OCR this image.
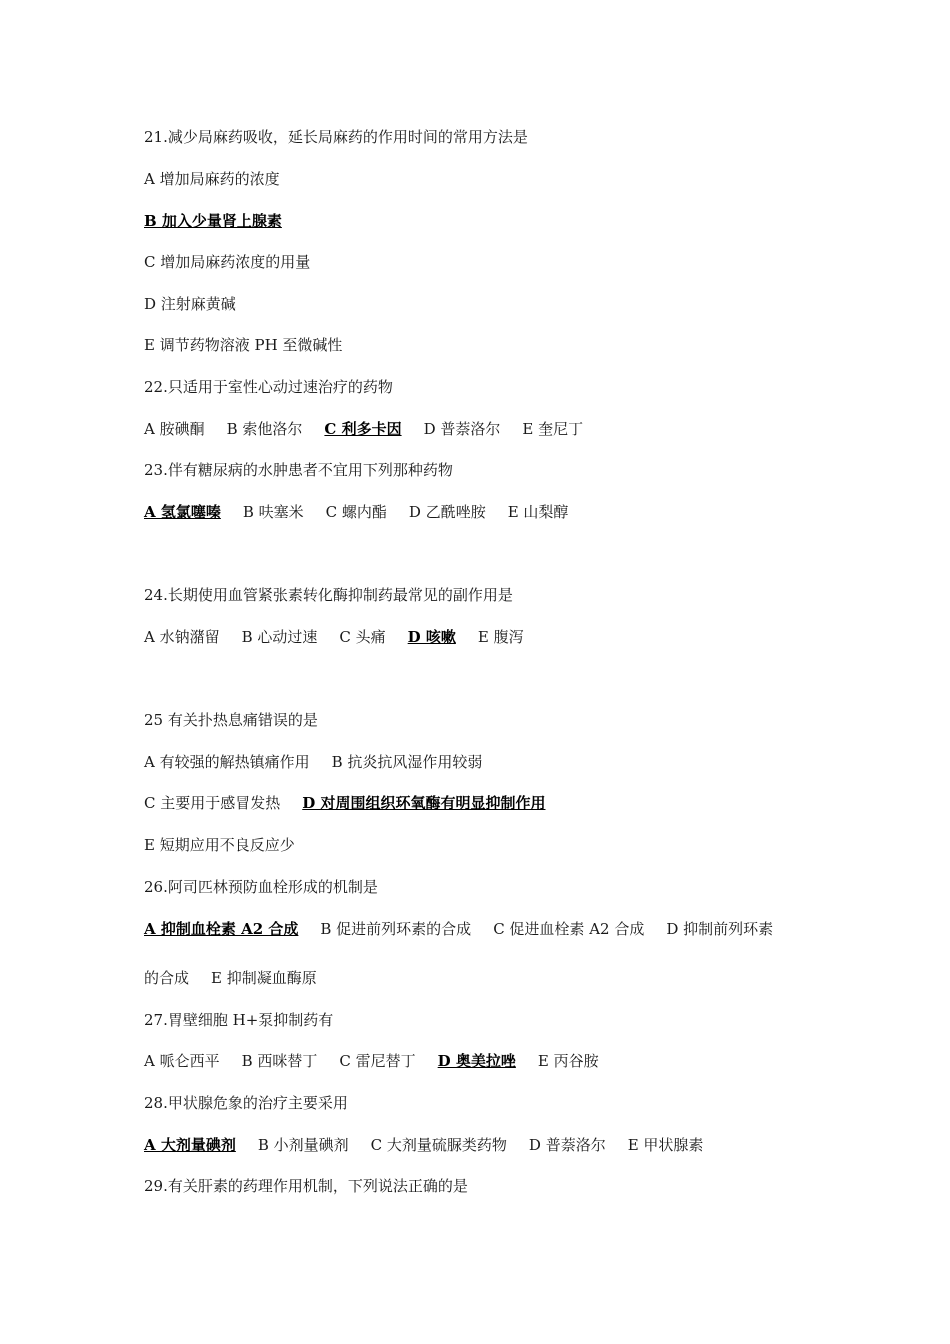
21.减少局麻药吸收，延长局麻药的作用时间的常用方法是
A 增加局麻药的浓度
B 加入少量肾上腺素
C 增加局麻药浓度的用量
D 注射麻黄碱
E 调节药物溶液 PH 至微碱性
22.只适用于室性心动过速治疗的药物
A 胺碘酮 B 索他洛尔 C 利多卡因 D 普萘洛尔 E 奎尼丁
23.伴有糖尿病的水肿患者不宜用下列那种药物
A 氢氯噻嗪 B 呋塞米 C 螺内酯 D 乙酰唑胺 E 山梨醇
24.长期使用血管紧张素转化酶抑制药最常见的副作用是
A 水钠潴留 B 心动过速 C 头痛 D 咳嗽 E 腹泻
25 有关扑热息痛错误的是
A 有较强的解热镇痛作用 B 抗炎抗风湿作用较弱
C 主要用于感冒发热 D 对周围组织环氧酶有明显抑制作用
E 短期应用不良反应少
26.阿司匹林预防血栓形成的机制是
A 抑制血栓素 A2 合成 B 促进前列环素的合成 C 促进血栓素 A2 合成 D 抑制前列环素
的合成 E 抑制凝血酶原
27.胃壁细胞 H+泵抑制药有
A 哌仑西平 B 西咪替丁 C 雷尼替丁 D 奥美拉唑 E 丙谷胺
28.甲状腺危象的治疗主要采用
A 大剂量碘剂 B 小剂量碘剂 C 大剂量硫脲类药物 D 普萘洛尔 E 甲状腺素
29.有关肝素的药理作用机制，下列说法正确的是
